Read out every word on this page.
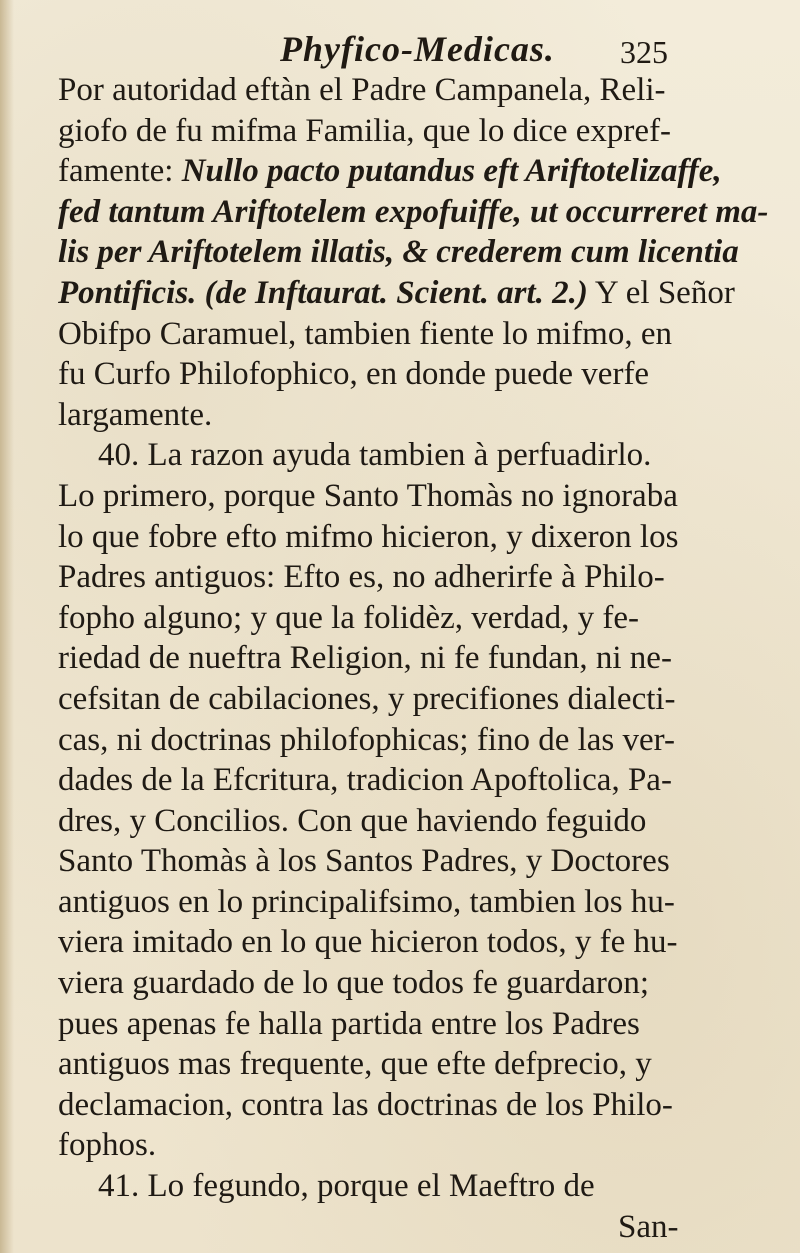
Phyfico-Medicas. 325
Por autoridad eftàn el Padre Campanela, Reli-
giofo de fu mifma Familia, que lo dice expref-
famente: Nullo pacto putandus eft Ariftotelizaffe,
fed tantum Ariftotelem expofuiffe, ut occurreret ma-
lis per Ariftotelem illatis, & crederem cum licentia
Pontificis. (de Inftaurat. Scient. art. 2.) Y el Señor
Obifpo Caramuel, tambien fiente lo mifmo, en
fu Curfo Philofophico, en donde puede verfe
largamente.
40. La razon ayuda tambien à perfuadirlo.
Lo primero, porque Santo Thomàs no ignoraba
lo que fobre efto mifmo hicieron, y dixeron los
Padres antiguos: Efto es, no adherirfe à Philo-
fopho alguno; y que la folidèz, verdad, y fe-
riedad de nueftra Religion, ni fe fundan, ni ne-
cefsitan de cabilaciones, y precifiones dialecti-
cas, ni doctrinas philofophicas; fino de las ver-
dades de la Efcritura, tradicion Apoftolica, Pa-
dres, y Concilios. Con que haviendo feguido
Santo Thomàs à los Santos Padres, y Doctores
antiguos en lo principalifsimo, tambien los hu-
viera imitado en lo que hicieron todos, y fe hu-
viera guardado de lo que todos fe guardaron;
pues apenas fe halla partida entre los Padres
antiguos mas frequente, que efte defprecio, y
declamacion, contra las doctrinas de los Philo-
fophos.
41. Lo fegundo, porque el Maeftro de
San-
